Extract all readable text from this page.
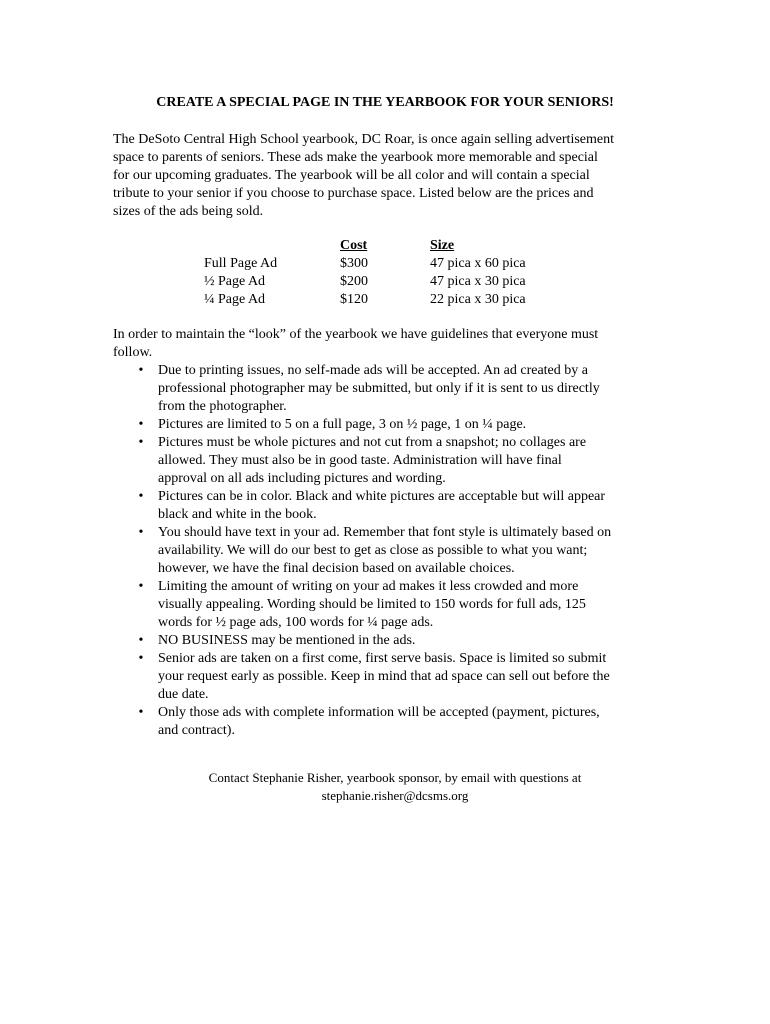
CREATE A SPECIAL PAGE IN THE YEARBOOK FOR YOUR SENIORS!

The DeSoto Central High School yearbook, DC Roar, is once again selling advertisement
space to parents of seniors. These ads make the yearbook more memorable and special
for our upcoming graduates. The yearbook will be all color and will contain a special
tribute to your senior if you choose to purchase space. Listed below are the prices and
sizes of the ads being sold.

	Cost	Size
Full Page Ad	$300	47 pica x 60 pica
½ Page Ad	$200	47 pica x 30 pica
¼ Page Ad	$120	22 pica x 30 pica

In order to maintain the “look” of the yearbook we have guidelines that everyone must
follow.

• Due to printing issues, no self-made ads will be accepted. An ad created by a
professional photographer may be submitted, but only if it is sent to us directly
from the photographer.
• Pictures are limited to 5 on a full page, 3 on ½ page, 1 on ¼ page.
• Pictures must be whole pictures and not cut from a snapshot; no collages are
allowed. They must also be in good taste. Administration will have final
approval on all ads including pictures and wording.
• Pictures can be in color. Black and white pictures are acceptable but will appear
black and white in the book.
• You should have text in your ad. Remember that font style is ultimately based on
availability. We will do our best to get as close as possible to what you want;
however, we have the final decision based on available choices.
• Limiting the amount of writing on your ad makes it less crowded and more
visually appealing. Wording should be limited to 150 words for full ads, 125
words for ½ page ads, 100 words for ¼ page ads.
• NO BUSINESS may be mentioned in the ads.
• Senior ads are taken on a first come, first serve basis. Space is limited so submit
your request early as possible. Keep in mind that ad space can sell out before the
due date.
• Only those ads with complete information will be accepted (payment, pictures,
and contract).

Contact Stephanie Risher, yearbook sponsor, by email with questions at
stephanie.risher@dcsms.org
